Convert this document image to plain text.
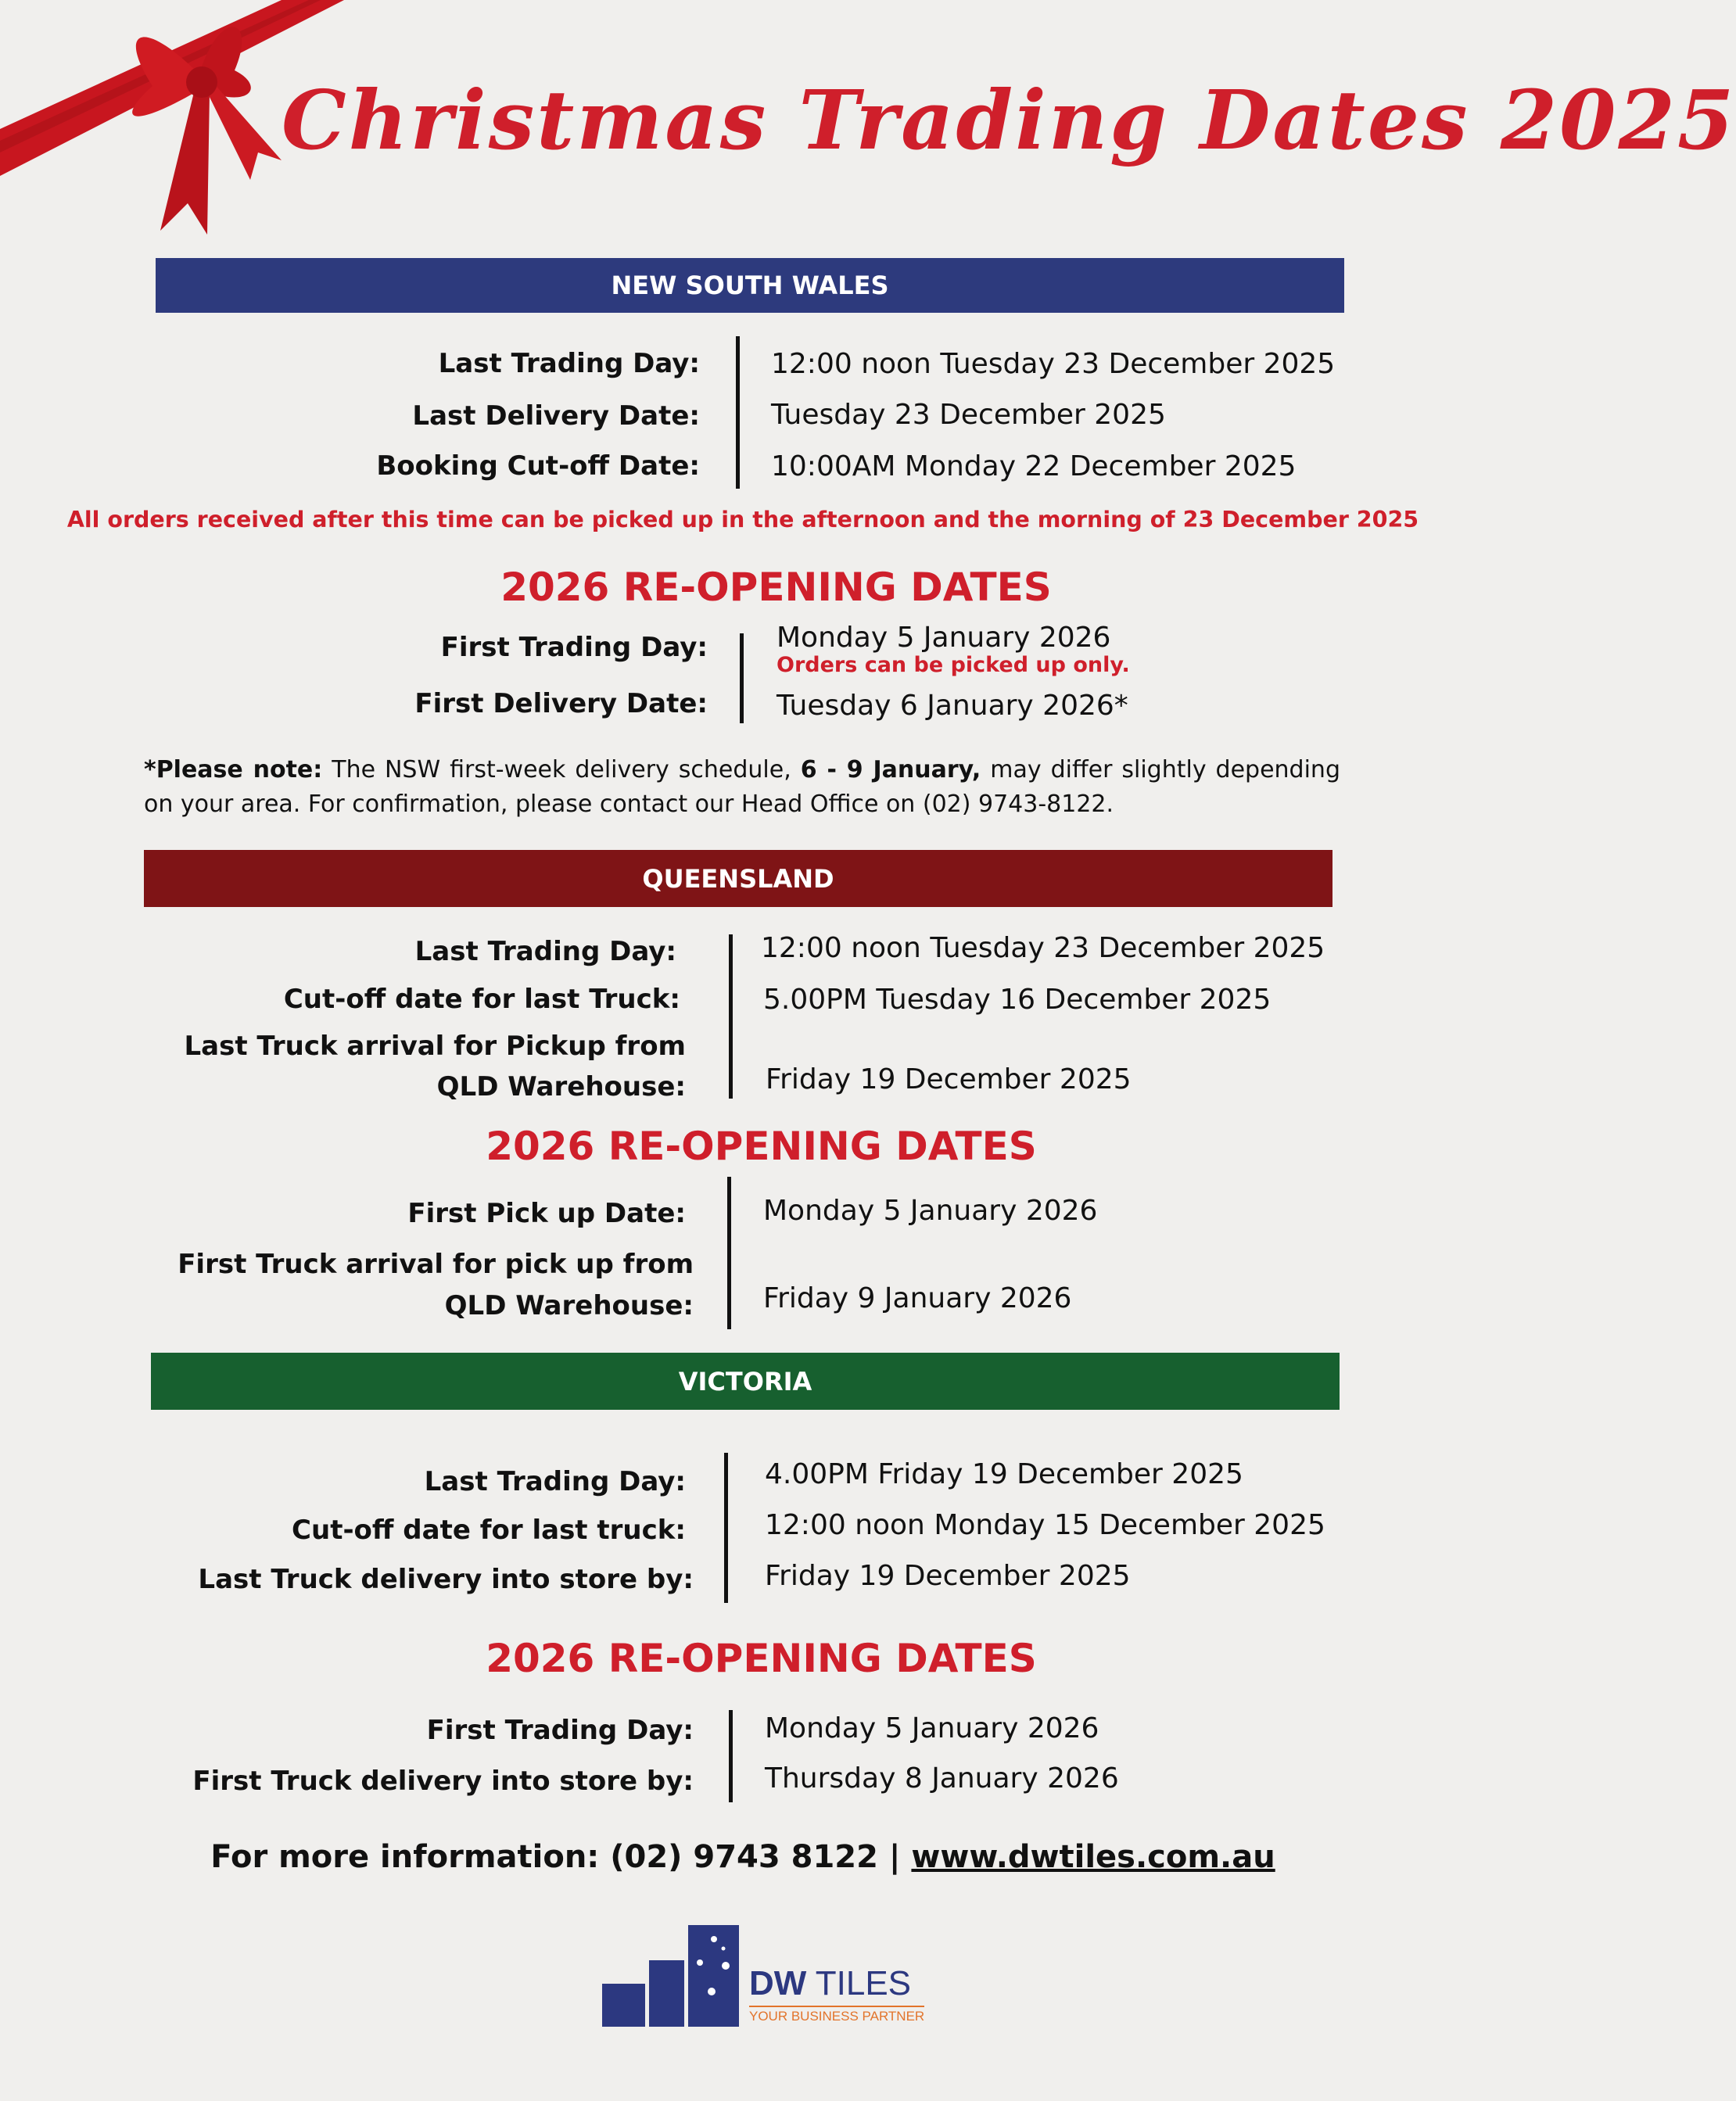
Christmas Trading Dates 2025
NEW SOUTH WALES
Last Trading Day:	12:00 noon Tuesday 23 December 2025
Last Delivery Date:	Tuesday 23 December 2025
Booking Cut-off Date:	10:00AM Monday 22 December 2025
All orders received after this time can be picked up in the afternoon and the morning of 23 December 2025
2026 RE-OPENING DATES
First Trading Day: Monday 5 January 2026
Orders can be picked up only.
First Delivery Date: Tuesday 6 January 2026*
*Please note: The NSW first-week delivery schedule, 6 - 9 January, may differ slightly depending on your area. For confirmation, please contact our Head Office on (02) 9743-8122.
QUEENSLAND
Last Trading Day:	12:00 noon Tuesday 23 December 2025
Cut-off date for last Truck:	5.00PM Tuesday 16 December 2025
Last Truck arrival for Pickup from
QLD Warehouse:	Friday 19 December 2025
2026 RE-OPENING DATES
First Pick up Date:	Monday 5 January 2026
First Truck arrival for pick up from
QLD Warehouse: Friday 9 January 2026
VICTORIA
Last Trading Day:	4.00PM Friday 19 December 2025
Cut-off date for last truck:	12:00 noon Monday 15 December 2025
Last Truck delivery into store by:	Friday 19 December 2025
2026 RE-OPENING DATES
First Trading Day:	Monday 5 January 2026
First Truck delivery into store by:	Thursday 8 January 2026
For more information: (02) 9743 8122 | www.dwtiles.com.au
DW TILES
YOUR BUSINESS PARTNER
